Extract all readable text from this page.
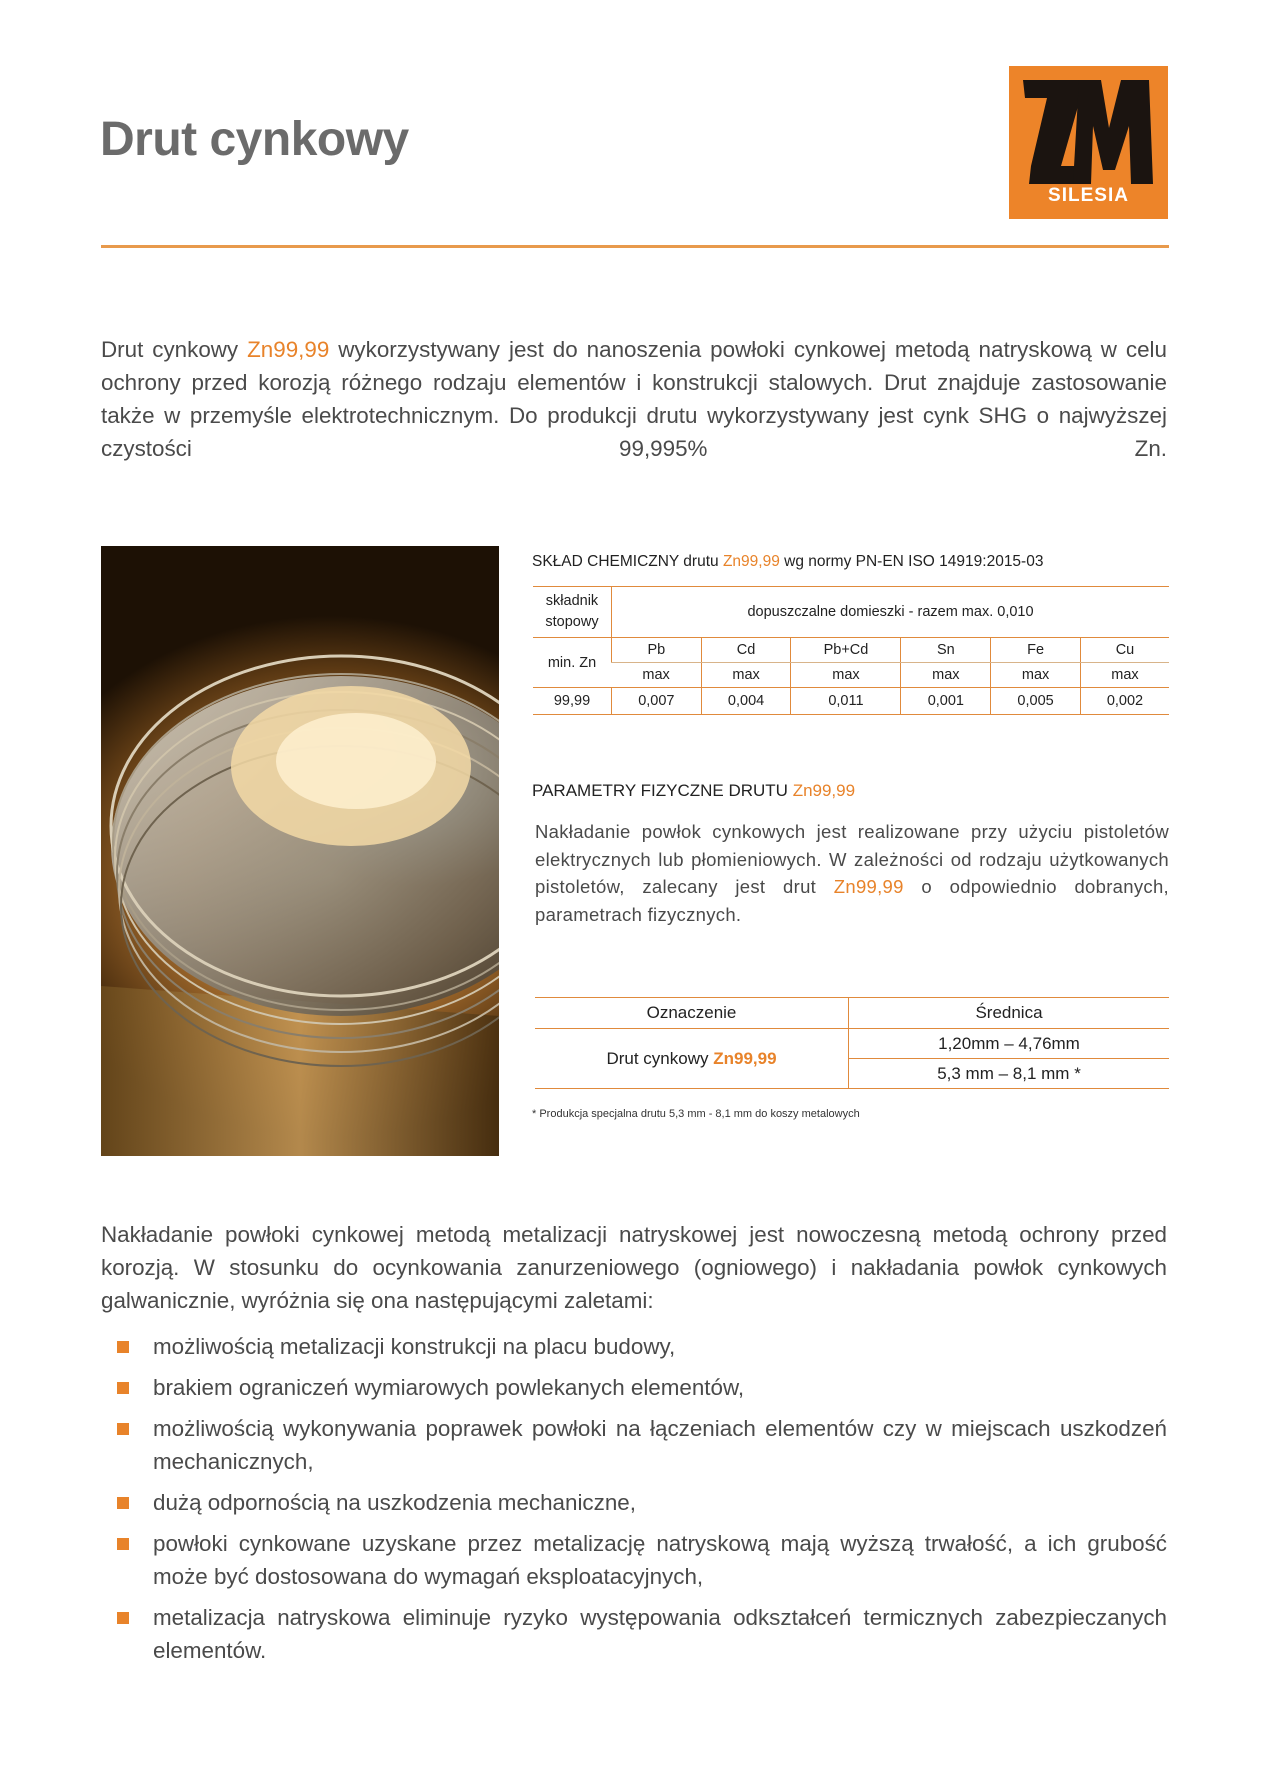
Drut cynkowy
SILESIA

Drut cynkowy Zn99,99 wykorzystywany jest do nanoszenia powłoki cynkowej metodą natryskową w celu ochrony przed korozją różnego rodzaju elementów i konstrukcji stalowych. Drut znajduje zastosowanie także w przemyśle elektrotechnicznym. Do produkcji drutu wykorzystywany jest cynk SHG o najwyższej czystości 99,995% Zn.

SKŁAD CHEMICZNY drutu Zn99,99 wg normy PN-EN ISO 14919:2015-03

składnik stopowy	dopuszczalne domieszki - razem max. 0,010					
min. Zn	Pb	Cd	Pb+Cd	Sn	Fe	Cu
	max	max	max	max	max	max
99,99	0,007	0,004	0,011	0,001	0,005	0,002

PARAMETRY FIZYCZNE DRUTU Zn99,99

Nakładanie powłok cynkowych jest realizowane przy użyciu pistoletów elektrycznych lub płomieniowych. W zależności od rodzaju użytkowanych pistoletów, zalecany jest drut Zn99,99 o odpowiednio dobranych, parametrach fizycznych.

Oznaczenie	Średnica
Drut cynkowy Zn99,99	1,20mm – 4,76mm
	5,3 mm – 8,1 mm *

* Produkcja specjalna drutu 5,3 mm - 8,1 mm do koszy metalowych

Nakładanie powłoki cynkowej metodą metalizacji natryskowej jest nowoczesną metodą ochrony przed korozją. W stosunku do ocynkowania zanurzeniowego (ogniowego) i nakładania powłok cynkowych galwanicznie, wyróżnia się ona następującymi zaletami:

możliwością metalizacji konstrukcji na placu budowy,
brakiem ograniczeń wymiarowych powlekanych elementów,
możliwością wykonywania poprawek powłoki na łączeniach elementów czy w miejscach uszkodzeń mechanicznych,
dużą odpornością na uszkodzenia mechaniczne,
powłoki cynkowane uzyskane przez metalizację natryskową mają wyższą trwałość, a ich grubość może być dostosowana do wymagań eksploatacyjnych,
metalizacja natryskowa eliminuje ryzyko występowania odkształceń termicznych zabezpieczanych elementów.
